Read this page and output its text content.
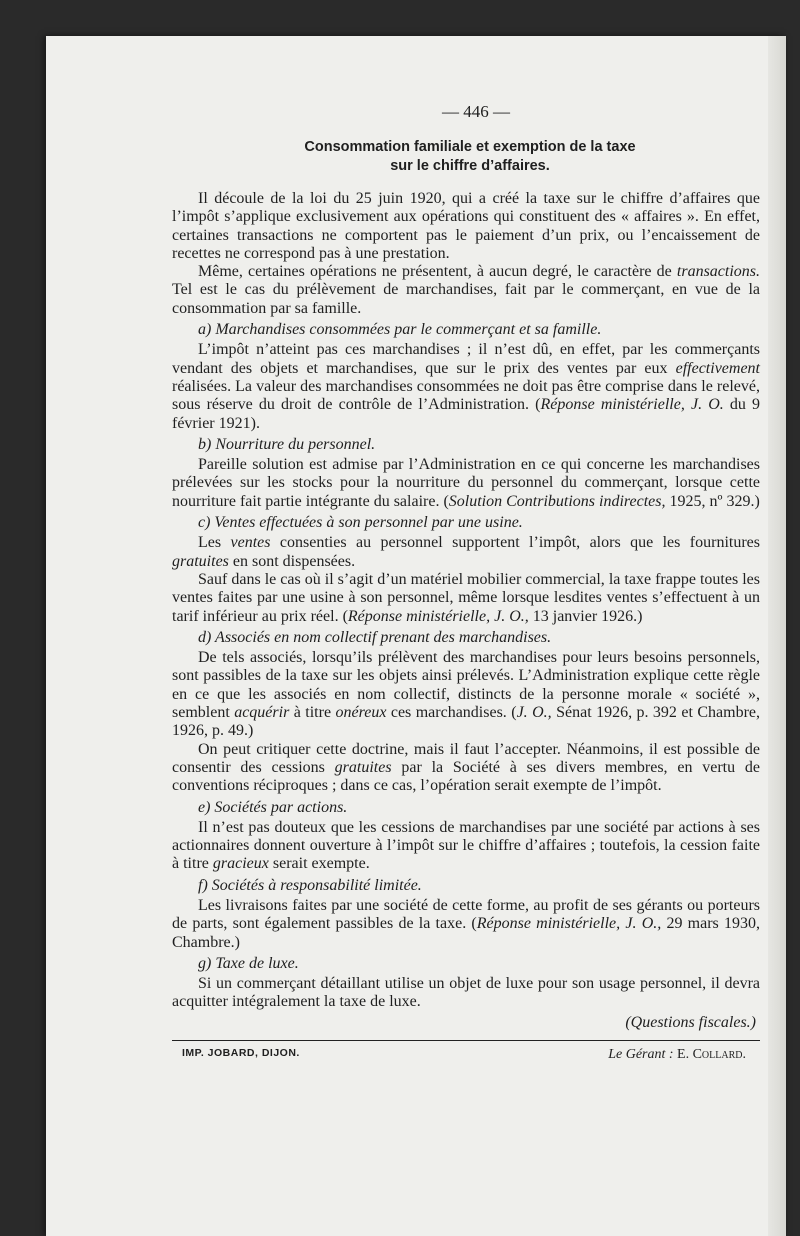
— 446 —
Consommation familiale et exemption de la taxe
sur le chiffre d’affaires.

Il découle de la loi du 25 juin 1920, qui a créé la taxe sur le chiffre d’affaires que l’impôt s’applique exclusivement aux opérations qui constituent des « affaires ». En effet, certaines transactions ne comportent pas le paiement d’un prix, ou l’encaissement de recettes ne correspond pas à une prestation.

Même, certaines opérations ne présentent, à aucun degré, le caractère de transactions. Tel est le cas du prélèvement de marchandises, fait par le commerçant, en vue de la consommation par sa famille.

a) Marchandises consommées par le commerçant et sa famille.

L’impôt n’atteint pas ces marchandises ; il n’est dû, en effet, par les commerçants vendant des objets et marchandises, que sur le prix des ventes par eux effectivement réalisées. La valeur des marchandises consommées ne doit pas être comprise dans le relevé, sous réserve du droit de contrôle de l’Administration. (Réponse ministérielle, J. O. du 9 février 1921).

b) Nourriture du personnel.

Pareille solution est admise par l’Administration en ce qui concerne les marchandises prélevées sur les stocks pour la nourriture du personnel du commerçant, lorsque cette nourriture fait partie intégrante du salaire. (Solution Contributions indirectes, 1925, nº 329.)

c) Ventes effectuées à son personnel par une usine.

Les ventes consenties au personnel supportent l’impôt, alors que les fournitures gratuites en sont dispensées.

Sauf dans le cas où il s’agit d’un matériel mobilier commercial, la taxe frappe toutes les ventes faites par une usine à son personnel, même lorsque lesdites ventes s’effectuent à un tarif inférieur au prix réel. (Réponse ministérielle, J. O., 13 janvier 1926.)

d) Associés en nom collectif prenant des marchandises.

De tels associés, lorsqu’ils prélèvent des marchandises pour leurs besoins personnels, sont passibles de la taxe sur les objets ainsi prélevés. L’Administration explique cette règle en ce que les associés en nom collectif, distincts de la personne morale « société », semblent acquérir à titre onéreux ces marchandises. (J. O., Sénat 1926, p. 392 et Chambre, 1926, p. 49.)

On peut critiquer cette doctrine, mais il faut l’accepter. Néanmoins, il est possible de consentir des cessions gratuites par la Société à ses divers membres, en vertu de conventions réciproques ; dans ce cas, l’opération serait exempte de l’impôt.

e) Sociétés par actions.

Il n’est pas douteux que les cessions de marchandises par une société par actions à ses actionnaires donnent ouverture à l’impôt sur le chiffre d’affaires ; toutefois, la cession faite à titre gracieux serait exempte.

f) Sociétés à responsabilité limitée.

Les livraisons faites par une société de cette forme, au profit de ses gérants ou porteurs de parts, sont également passibles de la taxe. (Réponse ministérielle, J. O., 29 mars 1930, Chambre.)

g) Taxe de luxe.

Si un commerçant détaillant utilise un objet de luxe pour son usage personnel, il devra acquitter intégralement la taxe de luxe.

(Questions fiscales.)

IMP. JOBARD, DIJON.	Le Gérant : E. Collard.
